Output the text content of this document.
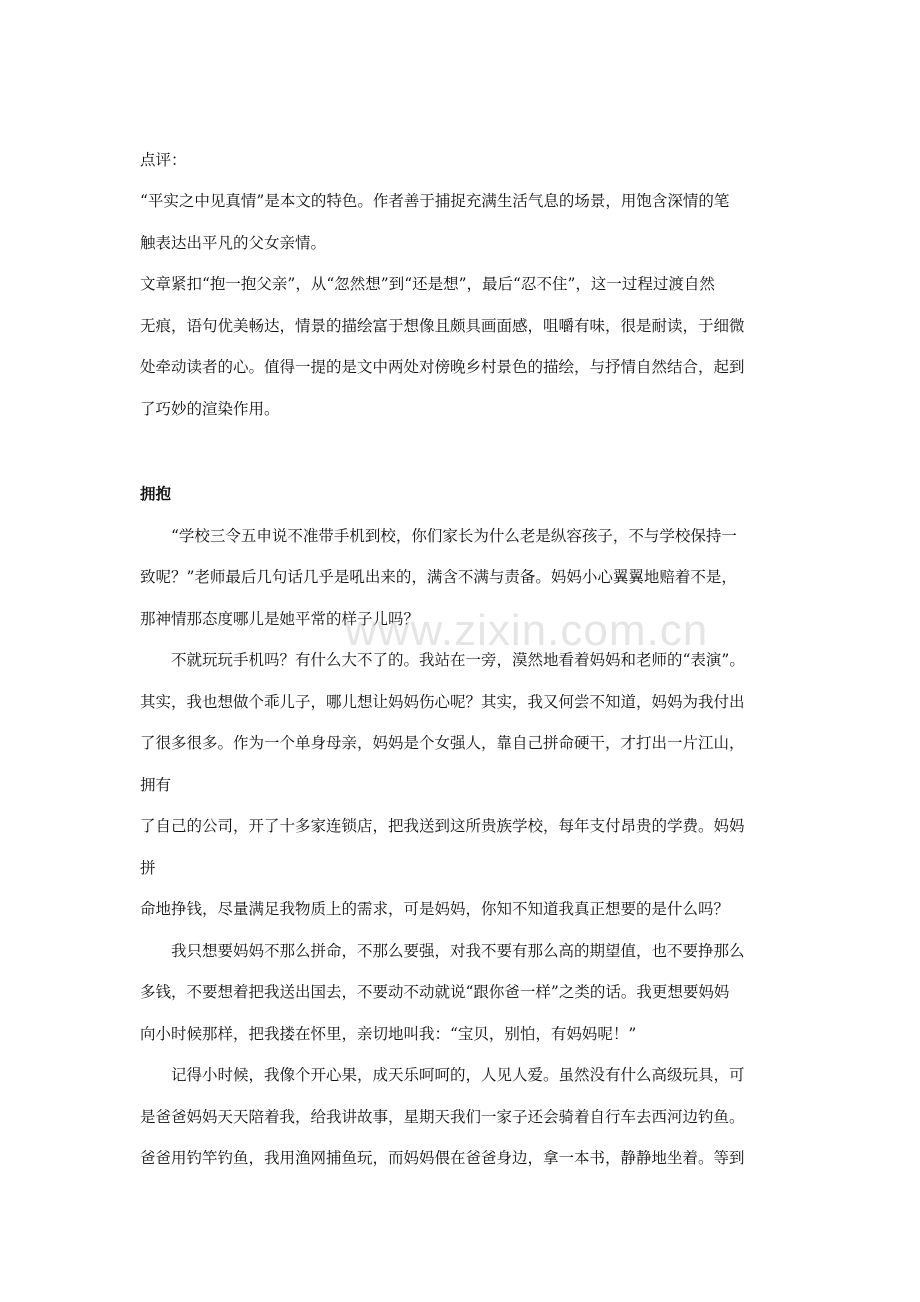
点评：
“平实之中见真情”是本文的特色。作者善于捕捉充满生活气息的场景，用饱含深情的笔
触表达出平凡的父女亲情。
文章紧扣“抱一抱父亲”，从“忽然想”到“还是想”，最后“忍不住”，这一过程过渡自然
无痕，语句优美畅达，情景的描绘富于想像且颇具画面感，咀嚼有味，很是耐读，于细微
处牵动读者的心。值得一提的是文中两处对傍晚乡村景色的描绘，与抒情自然结合，起到
了巧妙的渲染作用。
拥抱
“学校三令五申说不准带手机到校，你们家长为什么老是纵容孩子，不与学校保持一
致呢？”老师最后几句话几乎是吼出来的，满含不满与责备。妈妈小心翼翼地赔着不是，
那神情那态度哪儿是她平常的样子儿吗？
不就玩玩手机吗？有什么大不了的。我站在一旁，漠然地看着妈妈和老师的“表演”。
其实，我也想做个乖儿子，哪儿想让妈妈伤心呢？其实，我又何尝不知道，妈妈为我付出
了很多很多。作为一个单身母亲，妈妈是个女强人，靠自己拼命硬干，才打出一片江山，
拥有
了自己的公司，开了十多家连锁店，把我送到这所贵族学校，每年支付昂贵的学费。妈妈
拼
命地挣钱，尽量满足我物质上的需求，可是妈妈，你知不知道我真正想要的是什么吗？
我只想要妈妈不那么拼命，不那么要强，对我不要有那么高的期望值，也不要挣那么
多钱，不要想着把我送出国去，不要动不动就说“跟你爸一样”之类的话。我更想要妈妈
向小时候那样，把我搂在怀里，亲切地叫我：“宝贝，别怕，有妈妈呢！”
记得小时候，我像个开心果，成天乐呵呵的，人见人爱。虽然没有什么高级玩具，可
是爸爸妈妈天天陪着我，给我讲故事，星期天我们一家子还会骑着自行车去西河边钓鱼。
爸爸用钓竿钓鱼，我用渔网捕鱼玩，而妈妈偎在爸爸身边，拿一本书，静静地坐着。等到
www.zixin.com.cn
